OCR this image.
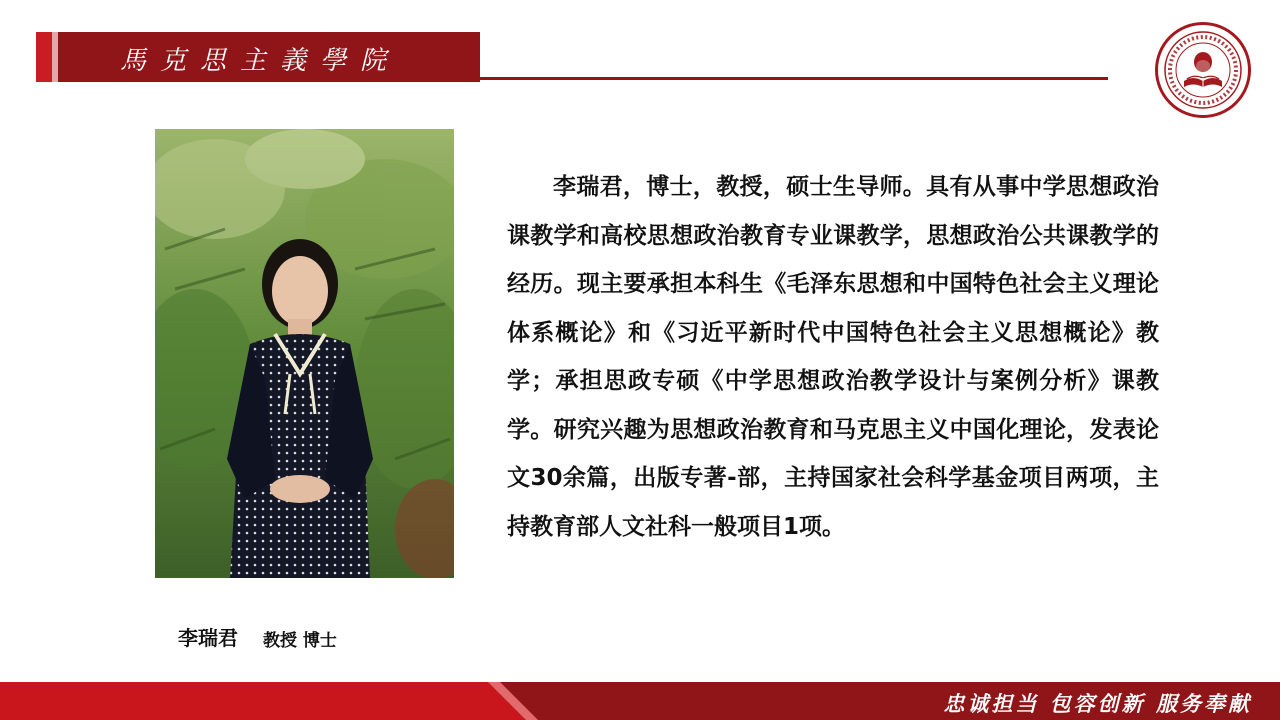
馬克思主義學院
李瑞君 教授 博士
李瑞君，博士，教授，硕士生导师。具有从事中学思想政治课教学和高校思想政治教育专业课教学，思想政治公共课教学的经历。现主要承担本科生《毛泽东思想和中国特色社会主义理论体系概论》和《习近平新时代中国特色社会主义思想概论》教学；承担思政专硕《中学思想政治教学设计与案例分析》课教学。研究兴趣为思想政治教育和马克思主义中国化理论，发表论文30余篇，出版专著-部，主持国家社会科学基金项目两项，主持教育部人文社科一般项目1项。
忠诚担当 包容创新 服务奉献
